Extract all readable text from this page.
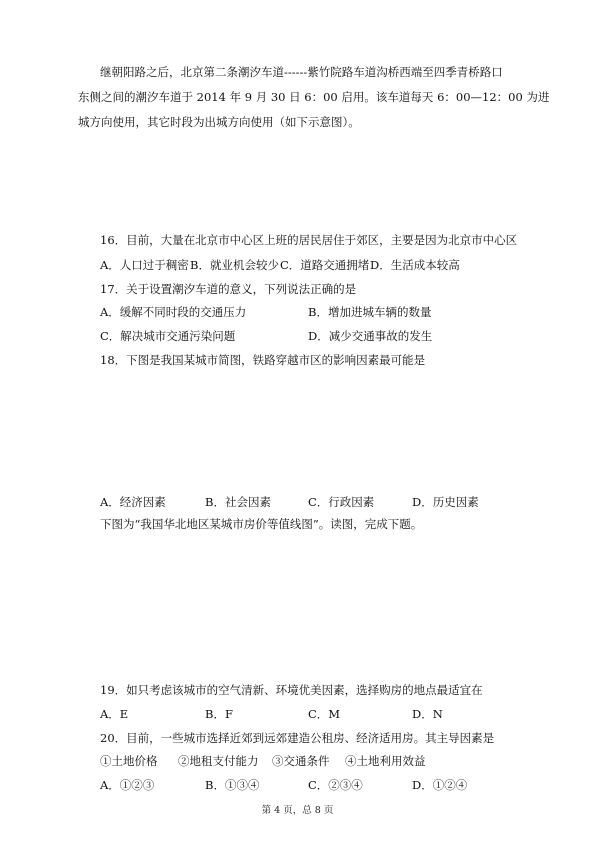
继朝阳路之后，北京第二条潮汐车道------紫竹院路车道沟桥西端至四季青桥路口
东侧之间的潮汐车道于 2014 年 9 月 30 日 6：00 启用。该车道每天 6：00—12：00 为进
城方向使用，其它时段为出城方向使用（如下示意图）。
16．目前，大量在北京市中心区上班的居民居住于郊区，主要是因为北京市中心区
A．人口过于稠密 B．就业机会较少 C．道路交通拥堵 D．生活成本较高
17．关于设置潮汐车道的意义，下列说法正确的是
A．缓解不同时段的交通压力	B．增加进城车辆的数量
C．解决城市交通污染问题	D．减少交通事故的发生
18．下图是我国某城市简图，铁路穿越市区的影响因素最可能是
A．经济因素	B．社会因素	C．行政因素	D．历史因素
下图为“我国华北地区某城市房价等值线图”。读图，完成下题。
19．如只考虑该城市的空气清新、环境优美因素，选择购房的地点最适宜在
A．E	B．F	C．M	D．N
20．目前，一些城市选择近郊到远郊建造公租房、经济适用房。其主导因素是
①土地价格 ②地租支付能力 ③交通条件 ④土地利用效益
A．①②③	B．①③④	C．②③④	D．①②④
第 4 页，总 8 页
